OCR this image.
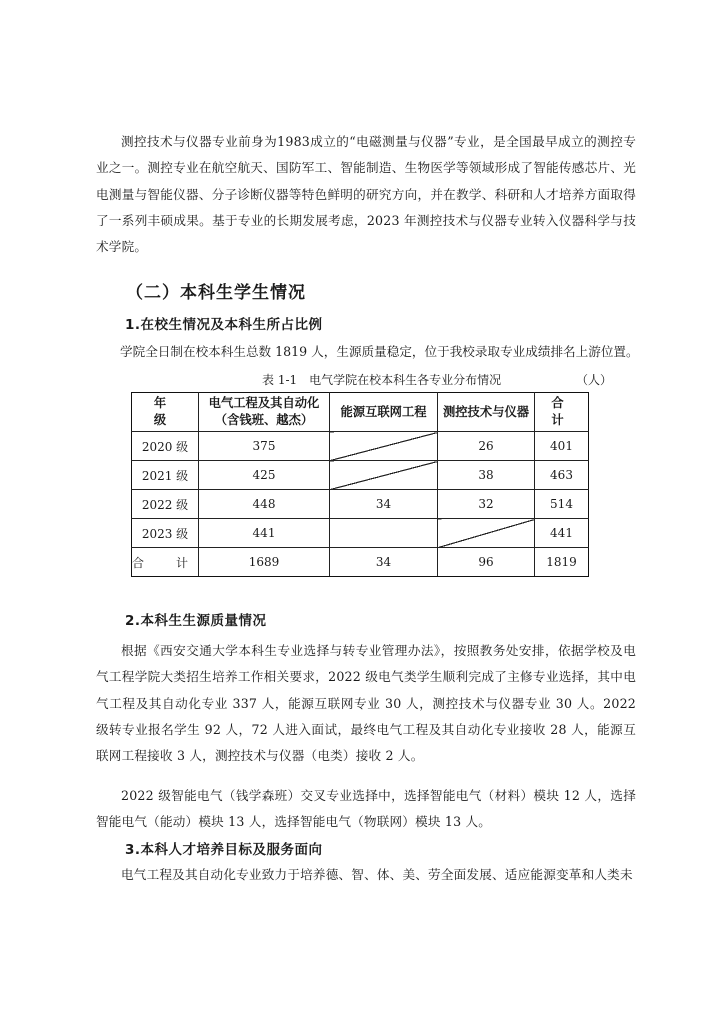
测控技术与仪器专业前身为1983成立的“电磁测量与仪器”专业，是全国最早成立的测控专业之一。测控专业在航空航天、国防军工、智能制造、生物医学等领域形成了智能传感芯片、光电测量与智能仪器、分子诊断仪器等特色鲜明的研究方向，并在教学、科研和人才培养方面取得了一系列丰硕成果。基于专业的长期发展考虑，2023 年测控技术与仪器专业转入仪器科学与技术学院。

（二）本科生学生情况
1.在校生情况及本科生所占比例
学院全日制在校本科生总数 1819 人，生源质量稳定，位于我校录取专业成绩排名上游位置。
表 1-1　电气学院在校本科生各专业分布情况	（人）
年　级	电气工程及其自动化
（含钱班、越杰）	能源互联网工程	测控技术与仪器	合　计
2020 级	375		26	401
2021 级	425		38	463
2022 级	448	34	32	514
2023 级	441			441
合　计	1689	34	96	1819
2.本科生生源质量情况

根据《西安交通大学本科生专业选择与转专业管理办法》，按照教务处安排，依据学校及电气工程学院大类招生培养工作相关要求，2022 级电气类学生顺利完成了主修专业选择，其中电气工程及其自动化专业 337 人，能源互联网专业 30 人，测控技术与仪器专业 30 人。2022 级转专业报名学生 92 人，72 人进入面试，最终电气工程及其自动化专业接收 28 人，能源互联网工程接收 3 人，测控技术与仪器（电类）接收 2 人。

2022 级智能电气（钱学森班）交叉专业选择中，选择智能电气（材料）模块 12 人，选择智能电气（能动）模块 13 人，选择智能电气（物联网）模块 13 人。

3.本科人才培养目标及服务面向

电气工程及其自动化专业致力于培养德、智、体、美、劳全面发展、适应能源变革和人类未
